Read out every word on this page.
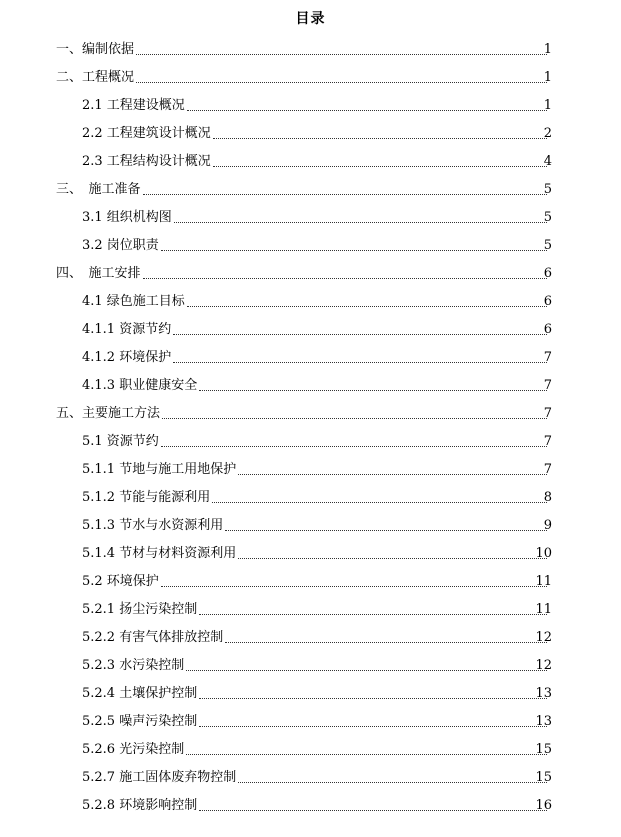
目录
一、编制依据	1
二、工程概况	1
2.1 工程建设概况	1
2.2 工程建筑设计概况	2
2.3 工程结构设计概况	4
三、　施工准备	5
3.1 组织机构图	5
3.2 岗位职责	5
四、　施工安排	6
4.1 绿色施工目标	6
4.1.1 资源节约	6
4.1.2 环境保护	7
4.1.3 职业健康安全	7
五、主要施工方法	7
5.1 资源节约	7
5.1.1 节地与施工用地保护	7
5.1.2 节能与能源利用	8
5.1.3 节水与水资源利用	9
5.1.4 节材与材料资源利用	10
5.2 环境保护	11
5.2.1 扬尘污染控制	11
5.2.2 有害气体排放控制	12
5.2.3 水污染控制	12
5.2.4 土壤保护控制	13
5.2.5 噪声污染控制	13
5.2.6 光污染控制	15
5.2.7 施工固体废弃物控制	15
5.2.8 环境影响控制	16
